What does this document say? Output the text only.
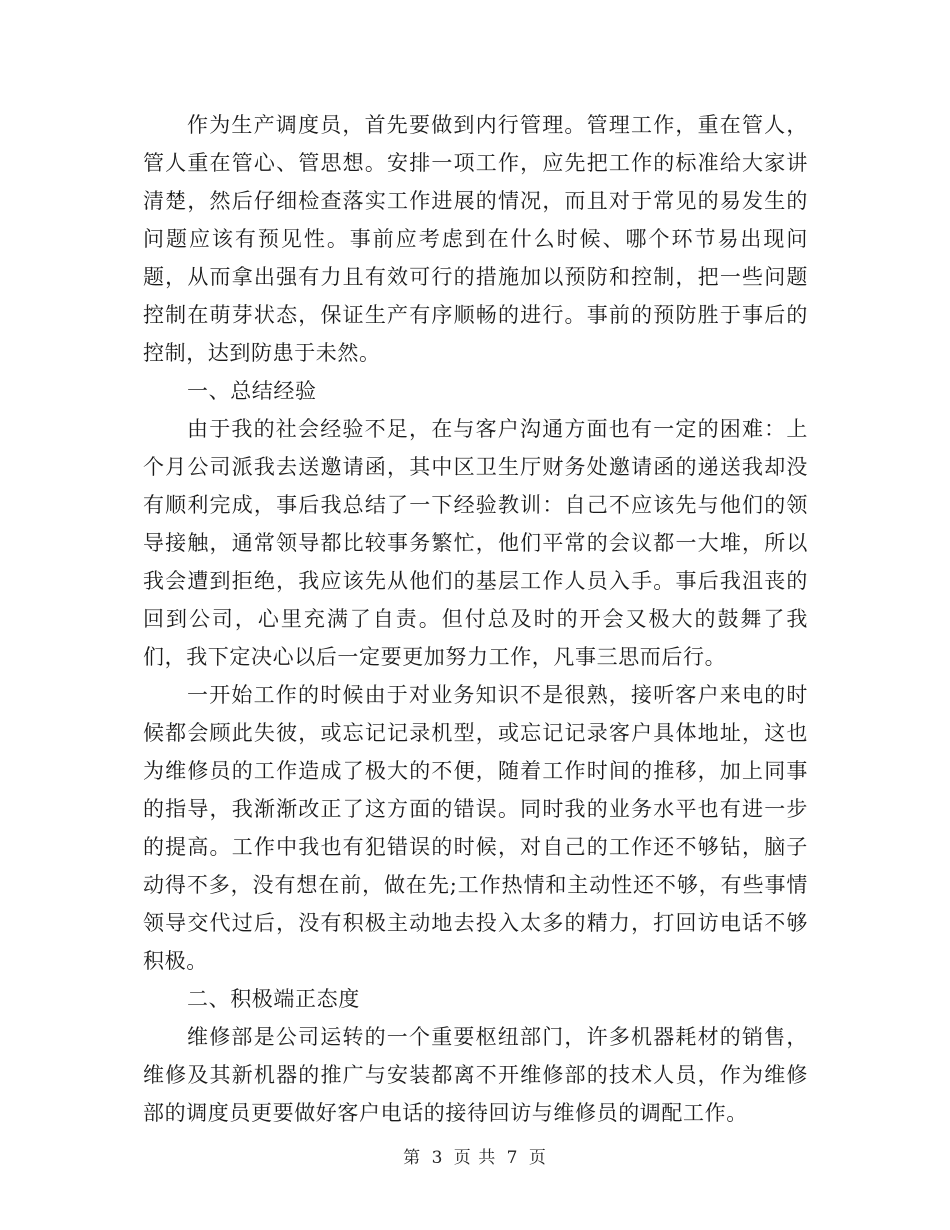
作为生产调度员，首先要做到内行管理。管理工作，重在管人，管人重在管心、管思想。安排一项工作，应先把工作的标准给大家讲清楚，然后仔细检查落实工作进展的情况，而且对于常见的易发生的问题应该有预见性。事前应考虑到在什么时候、哪个环节易出现问题，从而拿出强有力且有效可行的措施加以预防和控制，把一些问题控制在萌芽状态，保证生产有序顺畅的进行。事前的预防胜于事后的控制，达到防患于未然。

一、总结经验

由于我的社会经验不足，在与客户沟通方面也有一定的困难：上个月公司派我去送邀请函，其中区卫生厅财务处邀请函的递送我却没有顺利完成，事后我总结了一下经验教训：自己不应该先与他们的领导接触，通常领导都比较事务繁忙，他们平常的会议都一大堆，所以我会遭到拒绝，我应该先从他们的基层工作人员入手。事后我沮丧的回到公司，心里充满了自责。但付总及时的开会又极大的鼓舞了我们，我下定决心以后一定要更加努力工作，凡事三思而后行。

一开始工作的时候由于对业务知识不是很熟，接听客户来电的时候都会顾此失彼，或忘记记录机型，或忘记记录客户具体地址，这也为维修员的工作造成了极大的不便，随着工作时间的推移，加上同事的指导，我渐渐改正了这方面的错误。同时我的业务水平也有进一步的提高。工作中我也有犯错误的时候，对自己的工作还不够钻，脑子动得不多，没有想在前，做在先;工作热情和主动性还不够，有些事情领导交代过后，没有积极主动地去投入太多的精力，打回访电话不够积极。

二、积极端正态度

维修部是公司运转的一个重要枢纽部门，许多机器耗材的销售，维修及其新机器的推广与安装都离不开维修部的技术人员，作为维修部的调度员更要做好客户电话的接待回访与维修员的调配工作。

第 3 页 共 7 页
